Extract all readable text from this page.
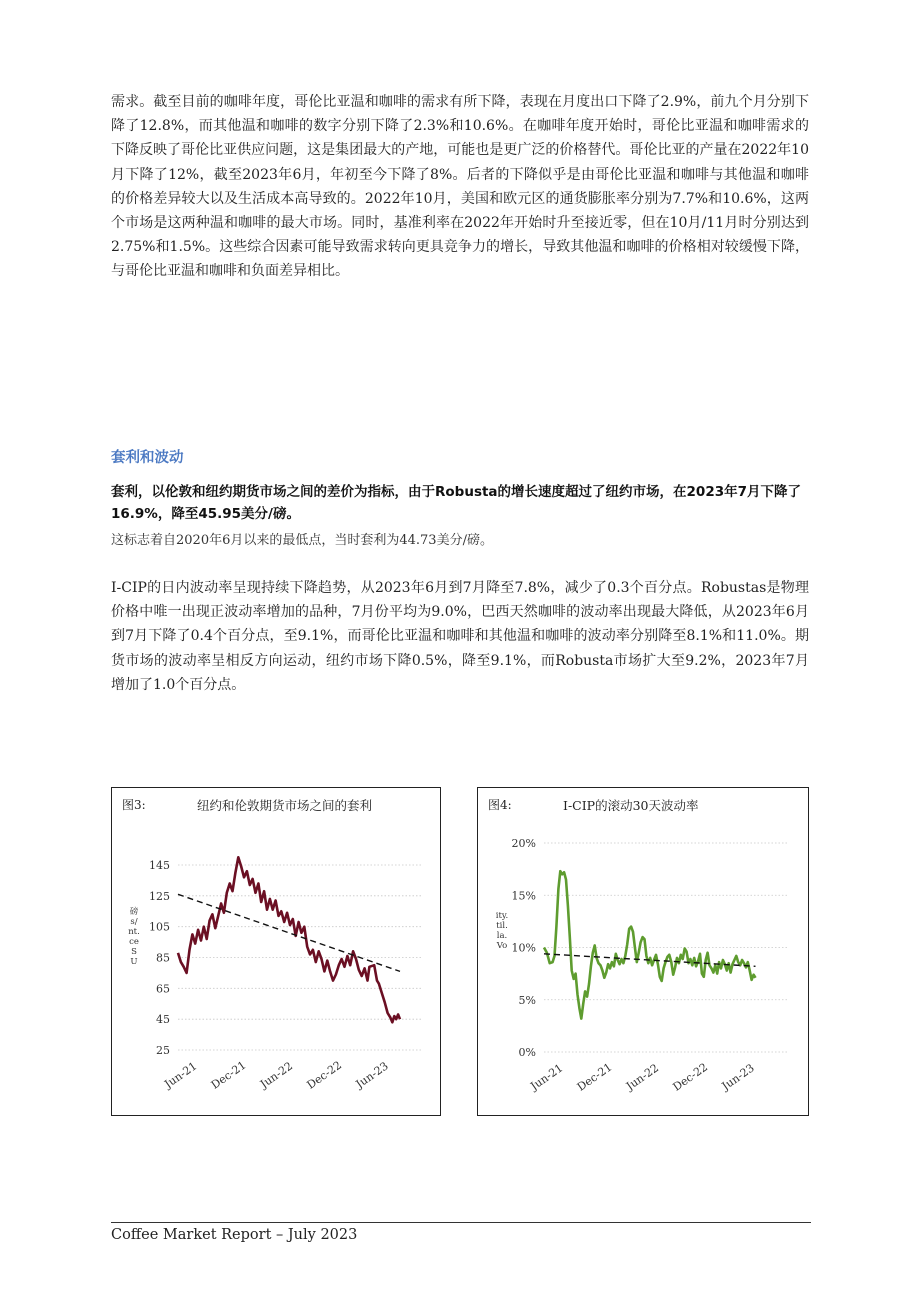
需求。截至目前的咖啡年度，哥伦比亚温和咖啡的需求有所下降，表现在月度出口下降了2.9%，前九个月分别下降了12.8%，而其他温和咖啡的数字分别下降了2.3%和10.6%。在咖啡年度开始时，哥伦比亚温和咖啡需求的下降反映了哥伦比亚供应问题，这是集团最大的产地，可能也是更广泛的价格替代。哥伦比亚的产量在2022年10月下降了12%，截至2023年6月，年初至今下降了8%。后者的下降似乎是由哥伦比亚温和咖啡与其他温和咖啡的价格差异较大以及生活成本高导致的。2022年10月，美国和欧元区的通货膨胀率分别为7.7%和10.6%，这两个市场是这两种温和咖啡的最大市场。同时，基准利率在2022年开始时升至接近零，但在10月/11月时分别达到2.75%和1.5%。这些综合因素可能导致需求转向更具竞争力的增长，导致其他温和咖啡的价格相对较缓慢下降，与哥伦比亚温和咖啡和负面差异相比。

套利和波动

套利，以伦敦和纽约期货市场之间的差价为指标，由于Robusta的增长速度超过了纽约市场，在2023年7月下降了16.9%，降至45.95美分/磅。

这标志着自2020年6月以来的最低点，当时套利为44.73美分/磅。

I-CIP的日内波动率呈现持续下降趋势，从2023年6月到7月降至7.8%，减少了0.3个百分点。Robustas是物理价格中唯一出现正波动率增加的品种，7月份平均为9.0%，巴西天然咖啡的波动率出现最大降低，从2023年6月到7月下降了0.4个百分点，至9.1%，而哥伦比亚温和咖啡和其他温和咖啡的波动率分别降至8.1%和11.0%。期货市场的波动率呈相反方向运动，纽约市场下降0.5%，降至9.1%，而Robusta市场扩大至9.2%，2023年7月增加了1.0个百分点。

25
45
65
85
105
125
145
Jun-21 Dec-21 Jun-22 Dec-22 Jun-23
磅
s/
nt.
ce
S
U

图3:	纽约和伦敦期货市场之间的套利

0%
5%
10%
15%
20%
Jun-21 Dec-21 Jun-22 Dec-22 Jun-23
ity.
til.
la.
Vo

图4:	I-CIP的滚动30天波动率

Coffee Market Report – July 2023
